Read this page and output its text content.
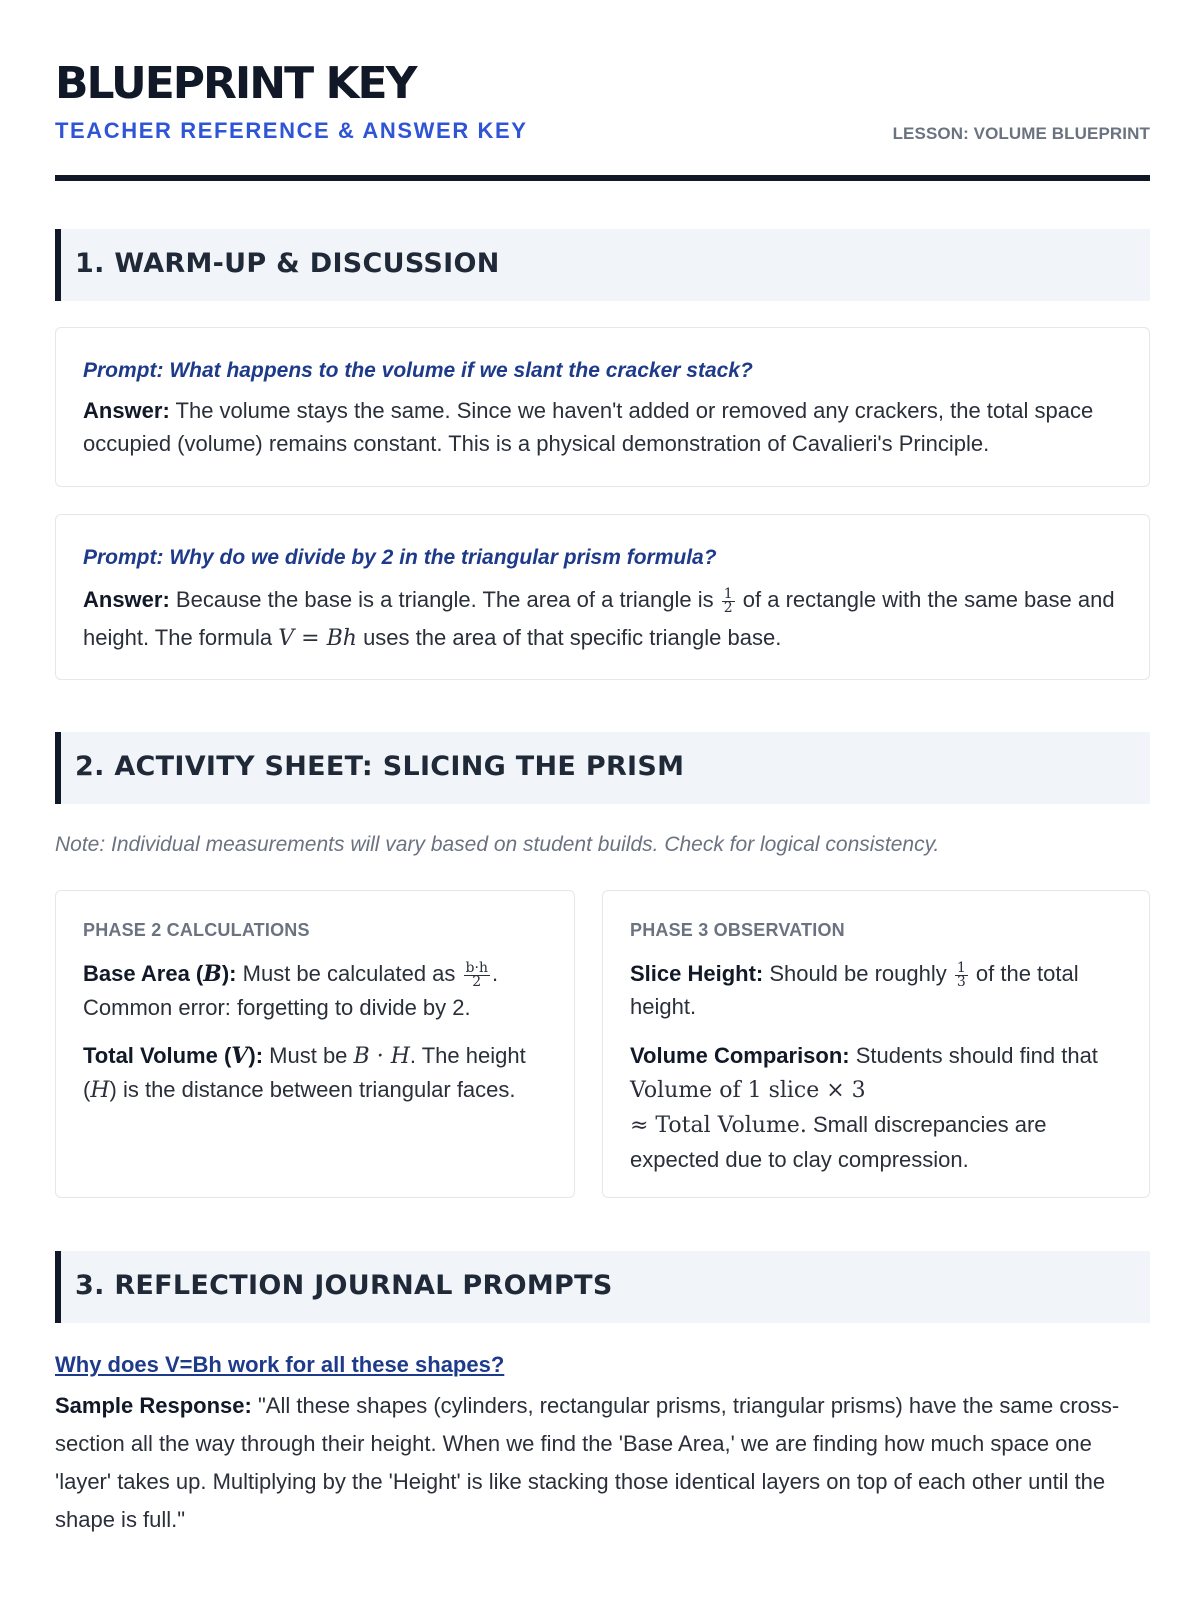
BLUEPRINT KEY
TEACHER REFERENCE & ANSWER KEY	LESSON: VOLUME BLUEPRINT
1. WARM-UP & DISCUSSION
Prompt: What happens to the volume if we slant the cracker stack?
Answer: The volume stays the same. Since we haven't added or removed any crackers, the total space occupied (volume) remains constant. This is a physical demonstration of Cavalieri's Principle.
Prompt: Why do we divide by 2 in the triangular prism formula?
Answer: Because the base is a triangle. The area of a triangle is $\frac{1}{2}$ of a rectangle with the same base and height. The formula V = Bh uses the area of that specific triangle base.
2. ACTIVITY SHEET: SLICING THE PRISM
Note: Individual measurements will vary based on student builds. Check for logical consistency.
PHASE 2 CALCULATIONS
Base Area (B): Must be calculated as $\frac{b\cdot h}{2}$ . Common error: forgetting to divide by 2.
Total Volume (V): Must be B · H. The height (H) is the distance between triangular faces.
PHASE 3 OBSERVATION
Slice Height: Should be roughly $\frac{1}{3}$ of the total height.
Volume Comparison: Students should find that Volume of 1 slice × 3
≈ Total Volume. Small discrepancies are expected due to clay compression.
3. REFLECTION JOURNAL PROMPTS
Why does V=Bh work for all these shapes?
Sample Response: "All these shapes (cylinders, rectangular prisms, triangular prisms) have the same cross-section all the way through their height. When we find the 'Base Area,' we are finding how much space one 'layer' takes up. Multiplying by the 'Height' is like stacking those identical layers on top of each other until the shape is full."
